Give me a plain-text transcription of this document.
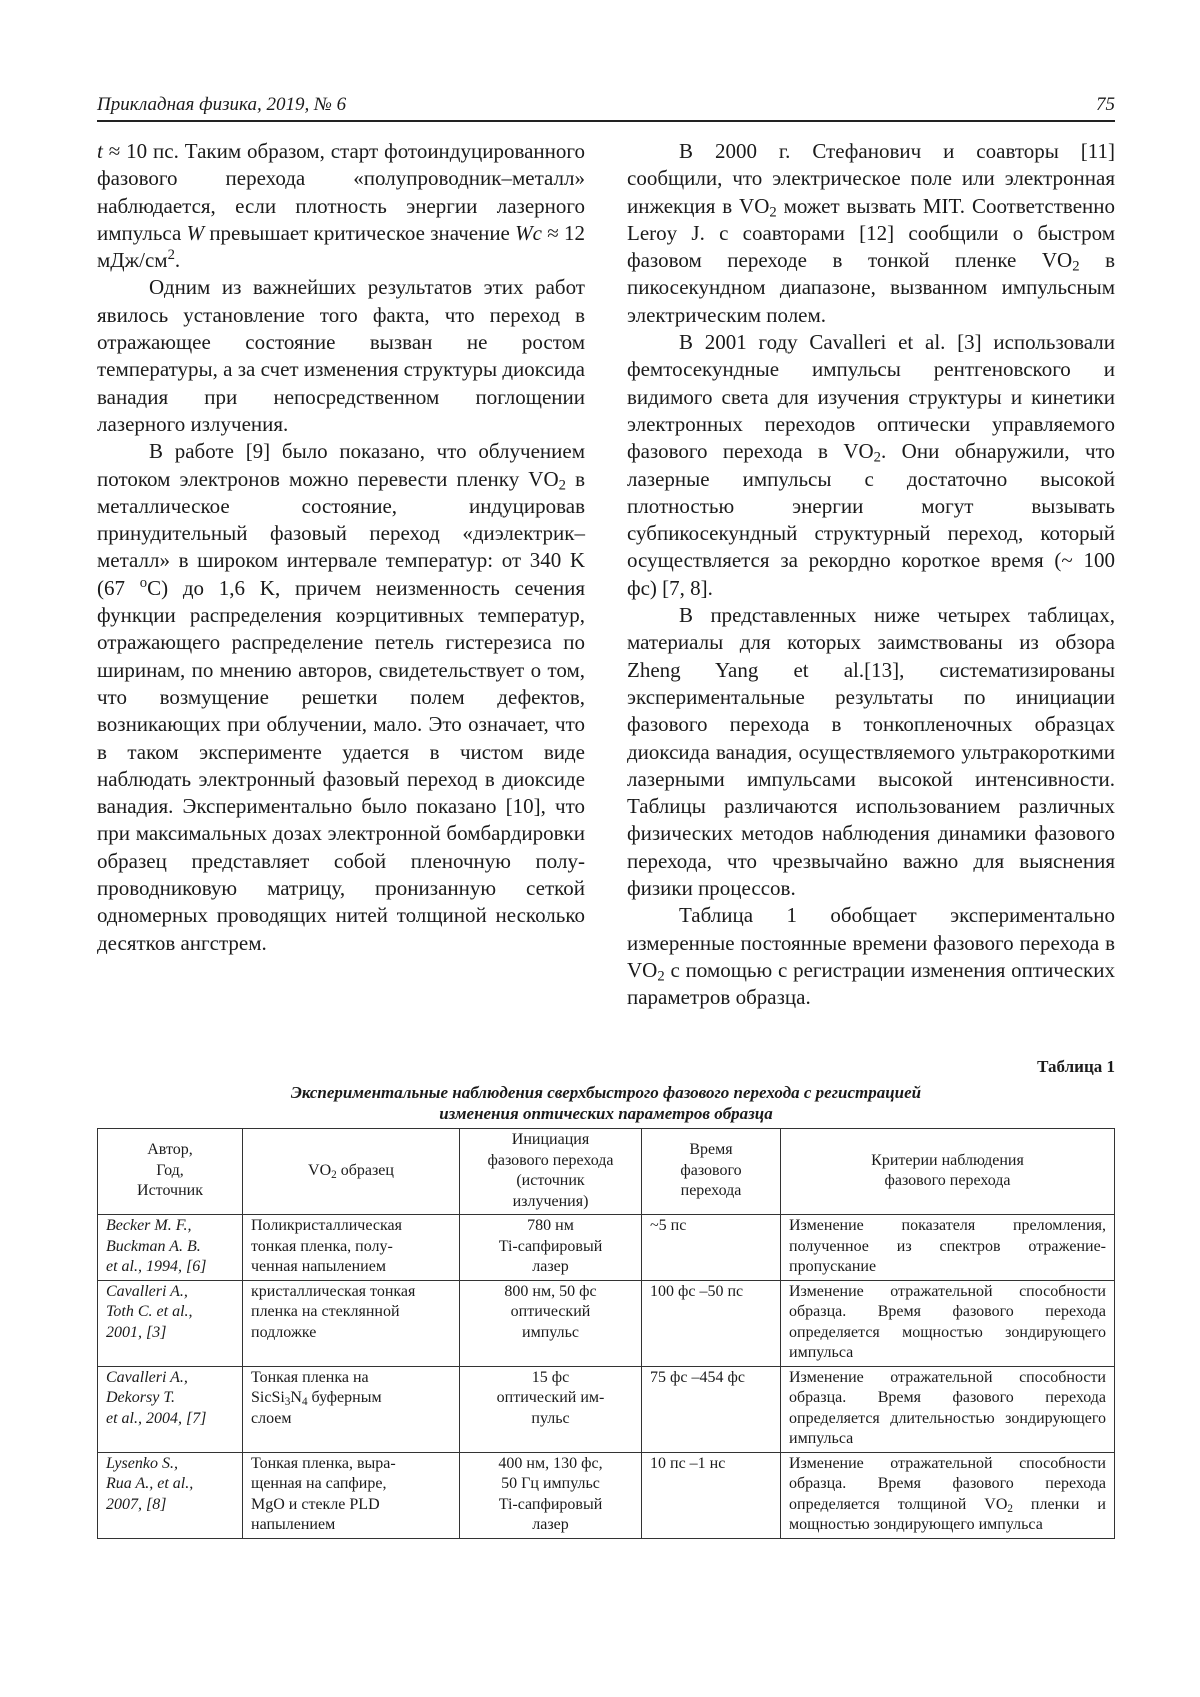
Прикладная физика, 2019, № 6	75

t ≈ 10 пс. Таким образом, старт фотоиндуцированного фазового перехода «полупроводник–металл» наблюдается, если плотность энергии лазерного импульса W превышает критическое значение Wc ≈ 12 мДж/$см^2$.

Одним из важнейших результатов этих работ явилось установление того факта, что переход в отражающее состояние вызван не ростом температуры, а за счет изменения структуры диоксида ванадия при непосредственном поглощении лазерного излучения.

В работе [9] было показано, что облучением потоком электронов можно перевести пленку $VO_2$ в металлическое состояние, индуцировав принудительный фазовый переход «диэлектрик–металл» в широком интервале температур: от 340 K (67 $^o$C) до 1,6 K, причем неизменность сечения функции распределения коэрцитивных температур, отражающего распределение петель гистерезиса по ширинам, по мнению авторов, свидетельствует о том, что возмущение решетки полем дефектов, возникающих при облучении, мало. Это означает, что в таком эксперименте удается в чистом виде наблюдать электронный фазовый переход в диоксиде ванадия. Экспериментально было показано [10], что при максимальных дозах электронной бомбардировки образец представляет собой пленочную полупроводниковую матрицу, пронизанную сеткой одномерных проводящих нитей толщиной несколько десятков ангстрем.

В 2000 г. Стефанович и соавторы [11] сообщили, что электрическое поле или электронная инжекция в $VO_2$ может вызвать MIT. Соответственно Leroy J. с соавторами [12] сообщили о быстром фазовом переходе в тонкой пленке $VO_2$ в пикосекундном диапазоне, вызванном импульсным электрическим полем.

В 2001 году Cavalleri et al. [3] использовали фемтосекундные импульсы рентгеновского и видимого света для изучения структуры и кинетики электронных переходов оптически управляемого фазового перехода в $VO_2$. Они обнаружили, что лазерные импульсы с достаточно высокой плотностью энергии могут вызывать субпикосекундный структурный переход, который осуществляется за рекордно короткое время (~ 100 фс) [7, 8].

В представленных ниже четырех таблицах, материалы для которых заимствованы из обзора Zheng Yang et al.[13], систематизированы экспериментальные результаты по инициации фазового перехода в тонкопленочных образцах диоксида ванадия, осуществляемого ультракороткими лазерными импульсами высокой интенсивности. Таблицы различаются использованием различных физических методов наблюдения динамики фазового перехода, что чрезвычайно важно для выяснения физики процессов.

Таблица 1 обобщает экспериментально измеренные постоянные времени фазового перехода в $VO_2$ с помощью с регистрации изменения оптических параметров образца.

Таблица 1
Экспериментальные наблюдения сверхбыстрого фазового перехода с регистрацией
изменения оптических параметров образца
Автор,
Год,
Источник	$VO_2$ образец	Инициация
фазового перехода
(источник
излучения)	Время
фазового
перехода	Критерии наблюдения
фазового перехода

Becker M. F.,
Buckman A. B.
et al., 1994, [6]	Поликристаллическая
тонкая пленка, полу-
ченная напылением	780 нм
Ti-сапфировый
лазер	~5 пс	Изменение показателя преломления, полученное из спектров отражение-пропускание

Cavalleri A.,
Toth C. et al.,
2001, [3]	кристаллическая тонкая
пленка на стеклянной
подложке	800 нм, 50 фс
оптический
импульс	100 фс –50 пс	Изменение отражательной способности образца. Время фазового перехода определяется мощностью зондирующего импульса

Cavalleri A.,
Dekorsy T.
et al., 2004, [7]	Тонкая пленка на
$SicSi_3N_4$ буферным
слоем	15 фс
оптический им-
пульс	75 фс –454 фс	Изменение отражательной способности образца. Время фазового перехода определяется длительностью зондирующего импульса

Lysenko S.,
Rua A., et al.,
2007, [8]	Тонкая пленка, выра-
щенная на сапфире,
MgO и стекле PLD
напылением	400 нм, 130 фс,
50 Гц импульс
Ti-сапфировый
лазер	10 пс –1 нс	Изменение отражательной способности образца. Время фазового перехода определяется толщиной $VO_2$ пленки и мощностью зондирующего импульса
